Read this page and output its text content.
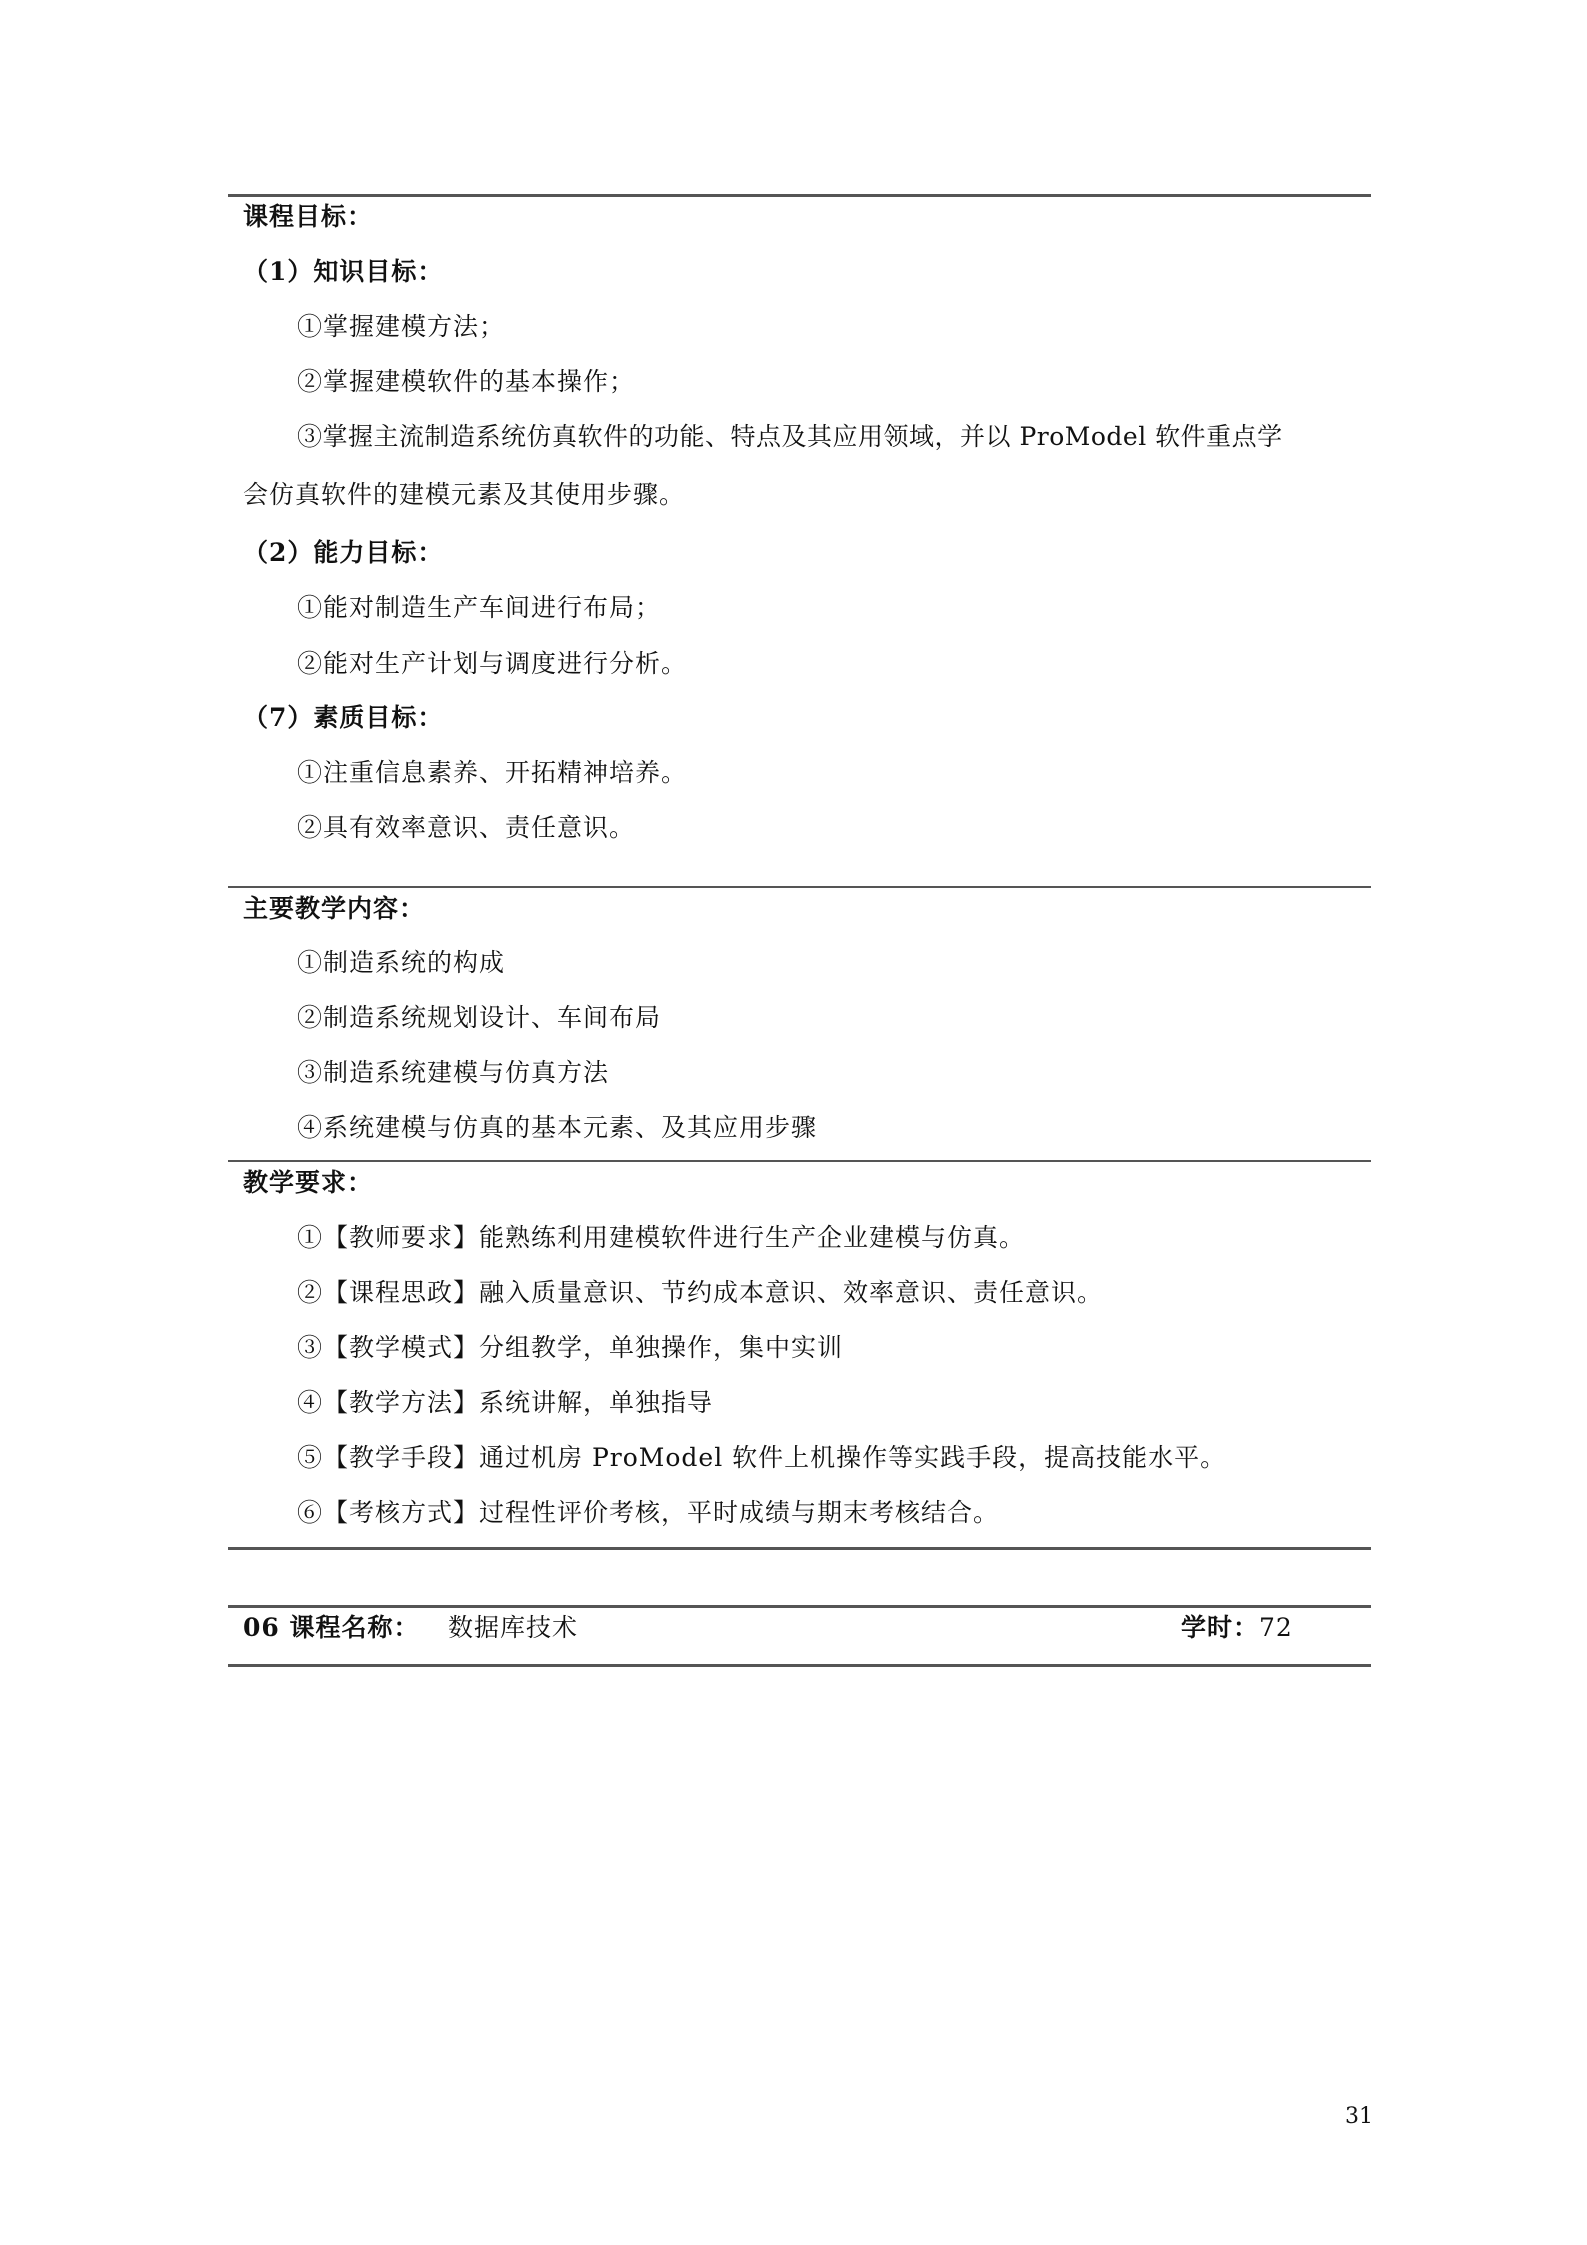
课程目标：
（1）知识目标：
①掌握建模方法；
②掌握建模软件的基本操作；
③掌握主流制造系统仿真软件的功能、特点及其应用领域，并以 ProModel 软件重点学
会仿真软件的建模元素及其使用步骤。
（2）能力目标：
①能对制造生产车间进行布局；
②能对生产计划与调度进行分析。
（7）素质目标：
①注重信息素养、开拓精神培养。
②具有效率意识、责任意识。
主要教学内容：
①制造系统的构成
②制造系统规划设计、车间布局
③制造系统建模与仿真方法
④系统建模与仿真的基本元素、及其应用步骤
教学要求：
①【教师要求】能熟练利用建模软件进行生产企业建模与仿真。
②【课程思政】融入质量意识、节约成本意识、效率意识、责任意识。
③【教学模式】分组教学，单独操作，集中实训
④【教学方法】系统讲解，单独指导
⑤【教学手段】通过机房 ProModel 软件上机操作等实践手段，提高技能水平。
⑥【考核方式】过程性评价考核，平时成绩与期末考核结合。
06 课程名称： 数据库技术	学时：72
31
